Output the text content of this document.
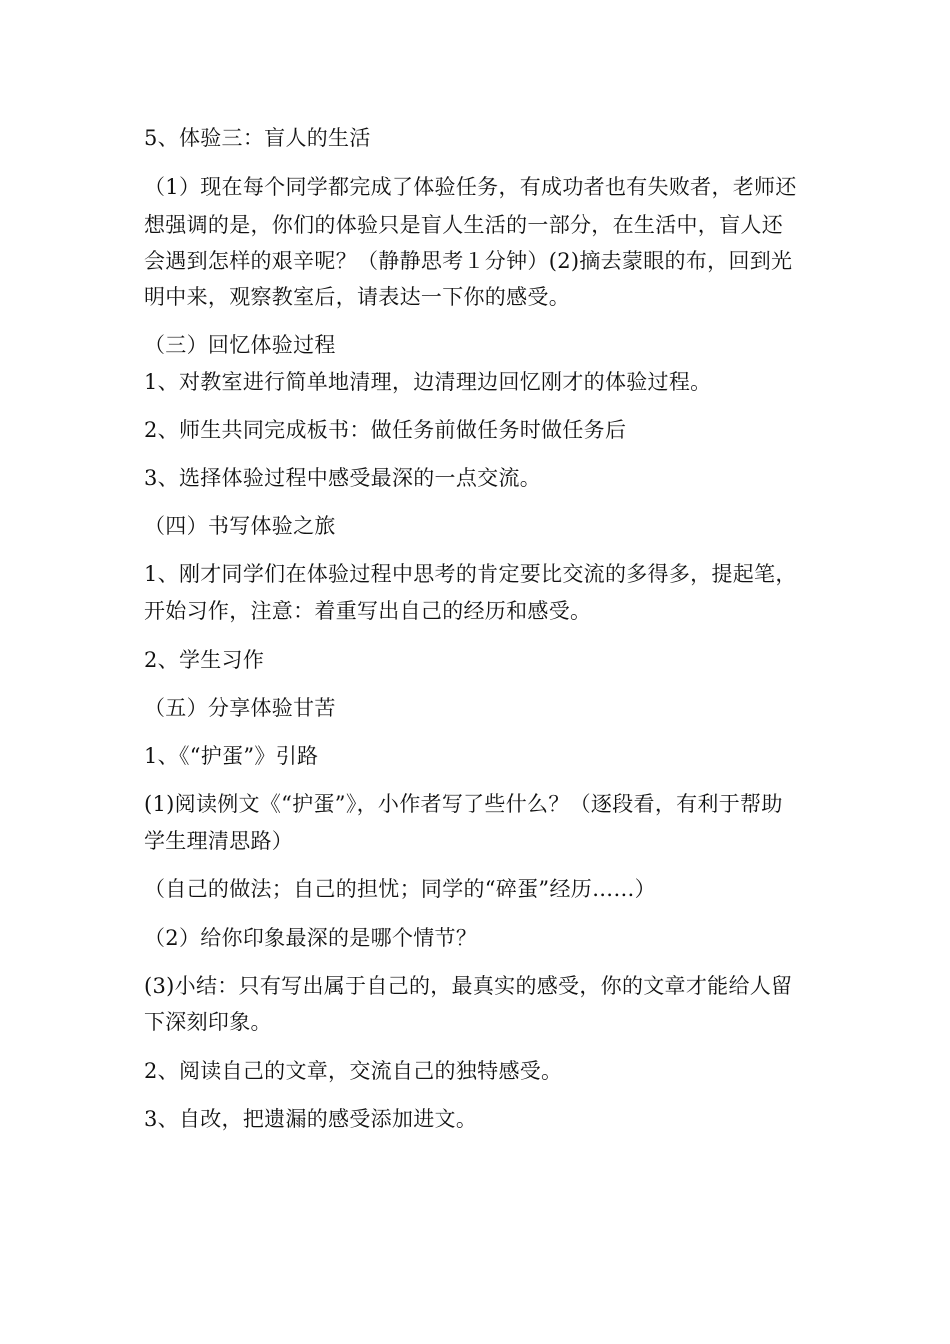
5、体验三：盲人的生活
（1）现在每个同学都完成了体验任务，有成功者也有失败者，老师还
想强调的是，你们的体验只是盲人生活的一部分，在生活中，盲人还
会遇到怎样的艰辛呢？（静静思考１分钟）(2)摘去蒙眼的布，回到光
明中来，观察教室后，请表达一下你的感受。
（三）回忆体验过程
1、对教室进行简单地清理，边清理边回忆刚才的体验过程。
2、师生共同完成板书：做任务前做任务时做任务后
3、选择体验过程中感受最深的一点交流。
（四）书写体验之旅
1、刚才同学们在体验过程中思考的肯定要比交流的多得多，提起笔，
开始习作，注意：着重写出自己的经历和感受。
2、学生习作
（五）分享体验甘苦
1、《“护蛋”》引路
(1)阅读例文《“护蛋”》，小作者写了些什么？（逐段看，有利于帮助
学生理清思路）
（自己的做法；自己的担忧；同学的“碎蛋”经历……）
（2）给你印象最深的是哪个情节？
(3)小结：只有写出属于自己的，最真实的感受，你的文章才能给人留
下深刻印象。
2、阅读自己的文章，交流自己的独特感受。
3、自改，把遗漏的感受添加进文。
